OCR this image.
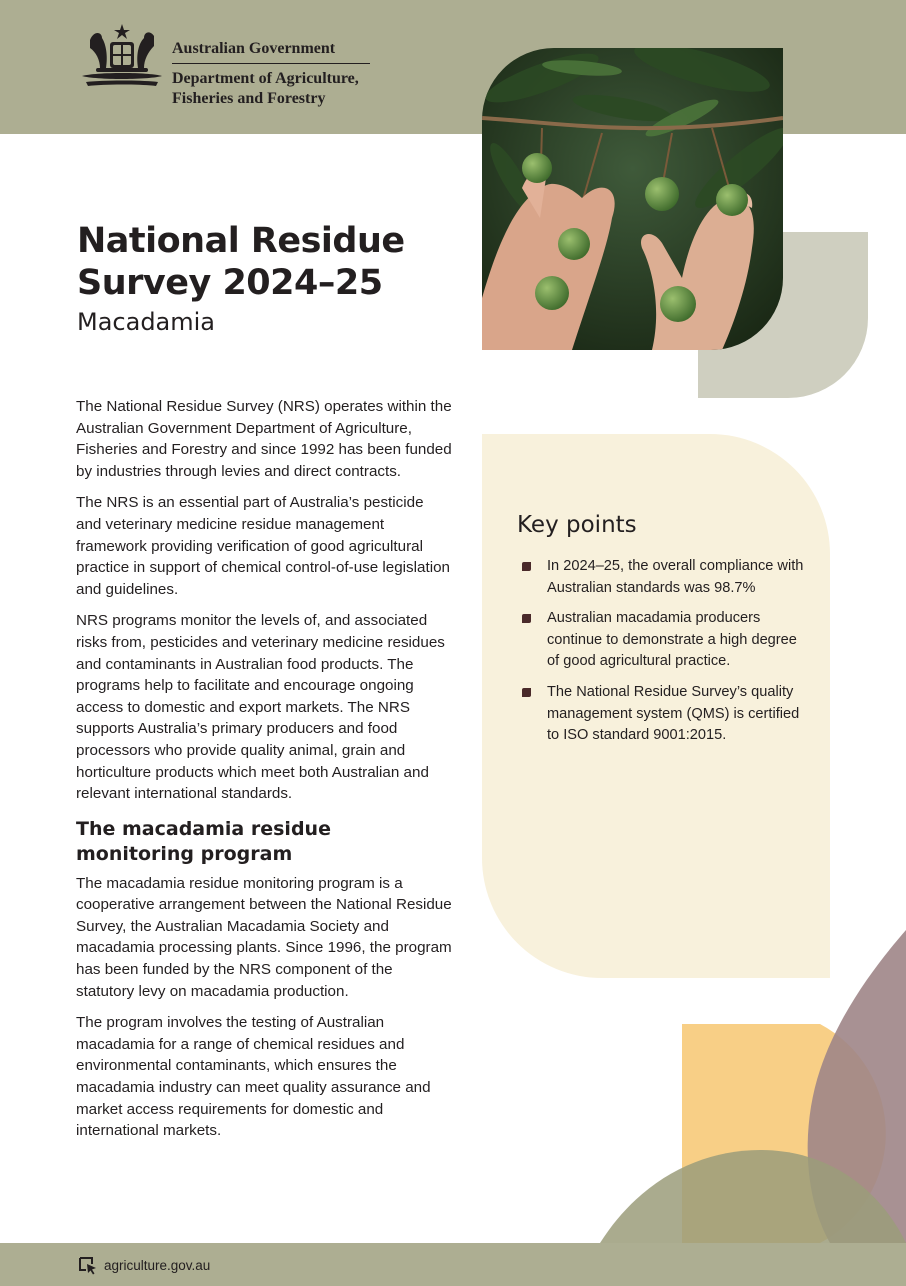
Australian Government
Department of Agriculture, Fisheries and Forestry
National Residue Survey 2024–25
Macadamia

The National Residue Survey (NRS) operates within the Australian Government Department of Agriculture, Fisheries and Forestry and since 1992 has been funded by industries through levies and direct contracts.

The NRS is an essential part of Australia’s pesticide and veterinary medicine residue management framework providing verification of good agricultural practice in support of chemical control-of-use legislation and guidelines.

NRS programs monitor the levels of, and associated risks from, pesticides and veterinary medicine residues and contaminants in Australian food products. The programs help to facilitate and encourage ongoing access to domestic and export markets. The NRS supports Australia’s primary producers and food processors who provide quality animal, grain and horticulture products which meet both Australian and relevant international standards.

The macadamia residue monitoring program

The macadamia residue monitoring program is a cooperative arrangement between the National Residue Survey, the Australian Macadamia Society and macadamia processing plants. Since 1996, the program has been funded by the NRS component of the statutory levy on macadamia production.

The program involves the testing of Australian macadamia for a range of chemical residues and environmental contaminants, which ensures the macadamia industry can meet quality assurance and market access requirements for domestic and international markets.

Key points
In 2024–25, the overall compliance with Australian standards was 98.7%
Australian macadamia producers continue to demonstrate a high degree of good agricultural practice.
The National Residue Survey’s quality management system (QMS) is certified to ISO standard 9001:2015.
agriculture.gov.au
